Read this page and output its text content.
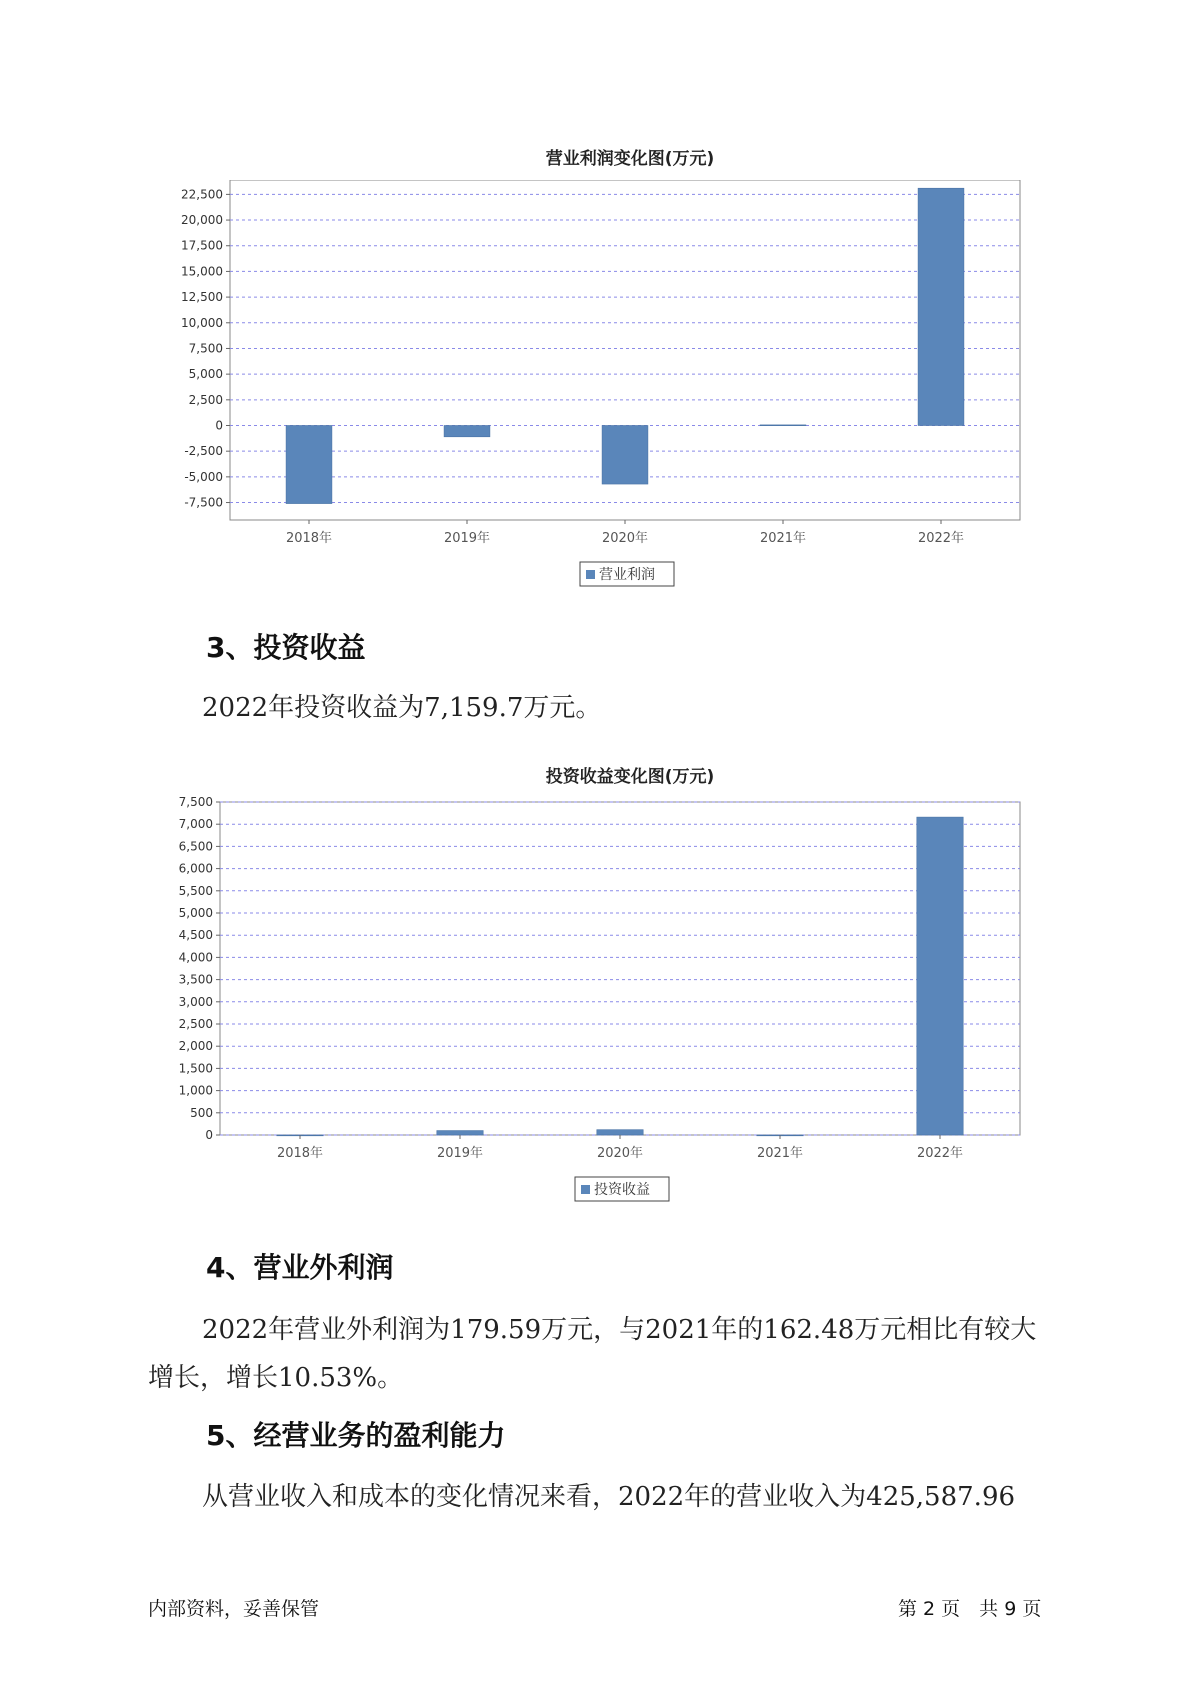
营业利润变化图(万元)
22,500
20,000
17,500
15,000
12,500
10,000
7,500
5,000
2,500
0
-2,500
-5,000
-7,500
2018年	2019年	2020年	2021年	2022年
营业利润
3、投资收益
2022年投资收益为7,159.7万元。
投资收益变化图(万元)
7,500
7,000
6,500
6,000
5,500
5,000
4,500
4,000
3,500
3,000
2,500
2,000
1,500
1,000
500
0
2018年	2019年	2020年	2021年	2022年
投资收益
4、营业外利润
2022年营业外利润为179.59万元，与2021年的162.48万元相比有较大
增长，增长10.53%。
5、经营业务的盈利能力
从营业收入和成本的变化情况来看，2022年的营业收入为425,587.96
内部资料，妥善保管	第 2 页　共 9 页
